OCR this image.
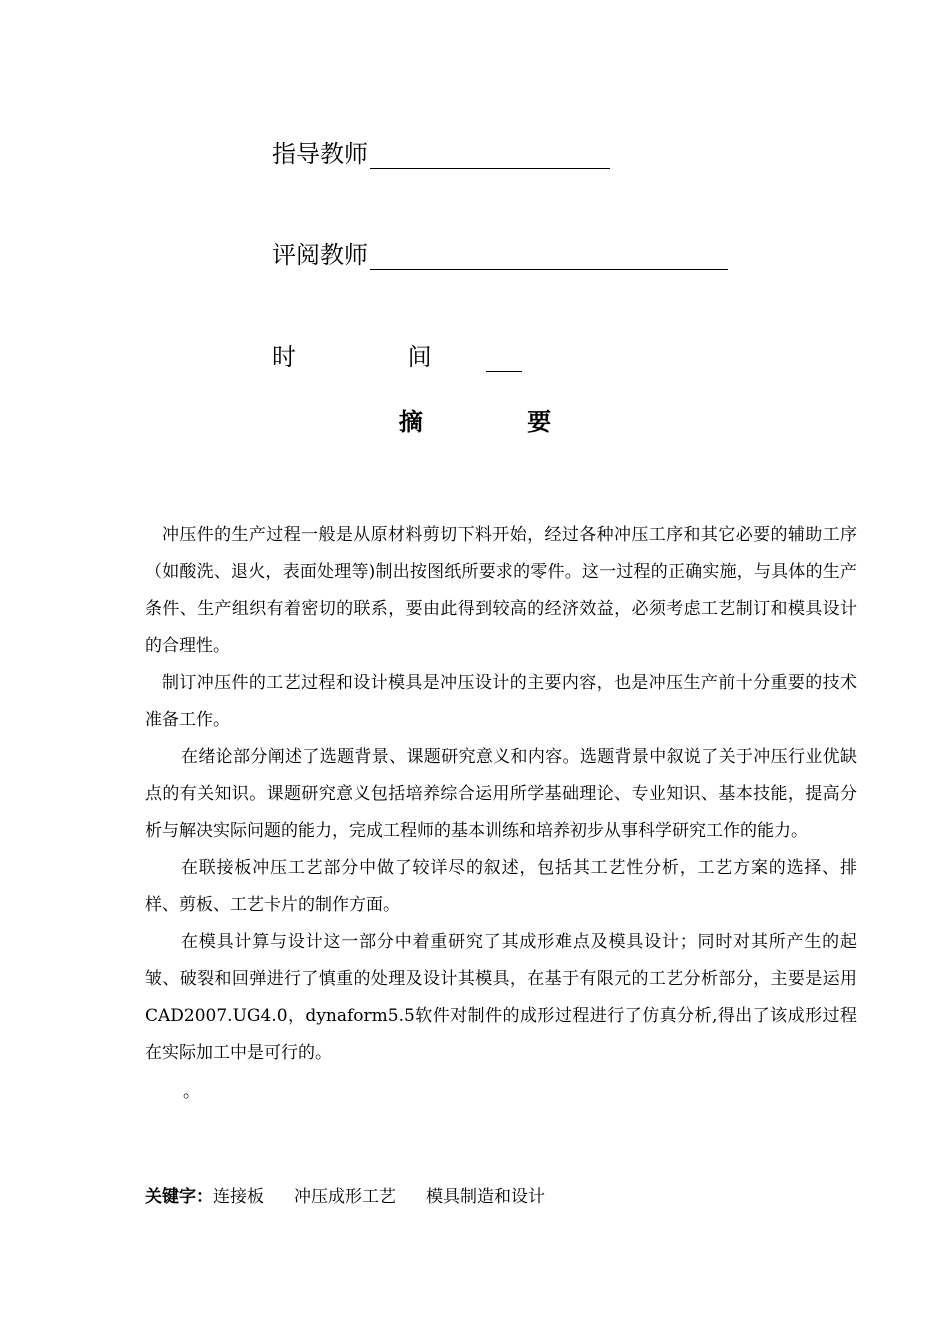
指导教师
评阅教师
时 间
摘 要

冲压件的生产过程一般是从原材料剪切下料开始，经过各种冲压工序和其它必要的辅助工序（如酸洗、退火，表面处理等)制出按图纸所要求的零件。这一过程的正确实施，与具体的生产条件、生产组织有着密切的联系，要由此得到较高的经济效益，必须考虑工艺制订和模具设计的合理性。

制订冲压件的工艺过程和设计模具是冲压设计的主要内容，也是冲压生产前十分重要的技术准备工作。

在绪论部分阐述了选题背景、课题研究意义和内容。选题背景中叙说了关于冲压行业优缺点的有关知识。课题研究意义包括培养综合运用所学基础理论、专业知识、基本技能，提高分析与解决实际问题的能力，完成工程师的基本训练和培养初步从事科学研究工作的能力。

在联接板冲压工艺部分中做了较详尽的叙述，包括其工艺性分析，工艺方案的选择、排样、剪板、工艺卡片的制作方面。

在模具计算与设计这一部分中着重研究了其成形难点及模具设计；同时对其所产生的起皱、破裂和回弹进行了慎重的处理及设计其模具，在基于有限元的工艺分析部分，主要是运用CAD2007.UG4.0，dynaform5.5软件对制件的成形过程进行了仿真分析,得出了该成形过程在实际加工中是可行的。

。

关键字： 连接板 冲压成形工艺 模具制造和设计
